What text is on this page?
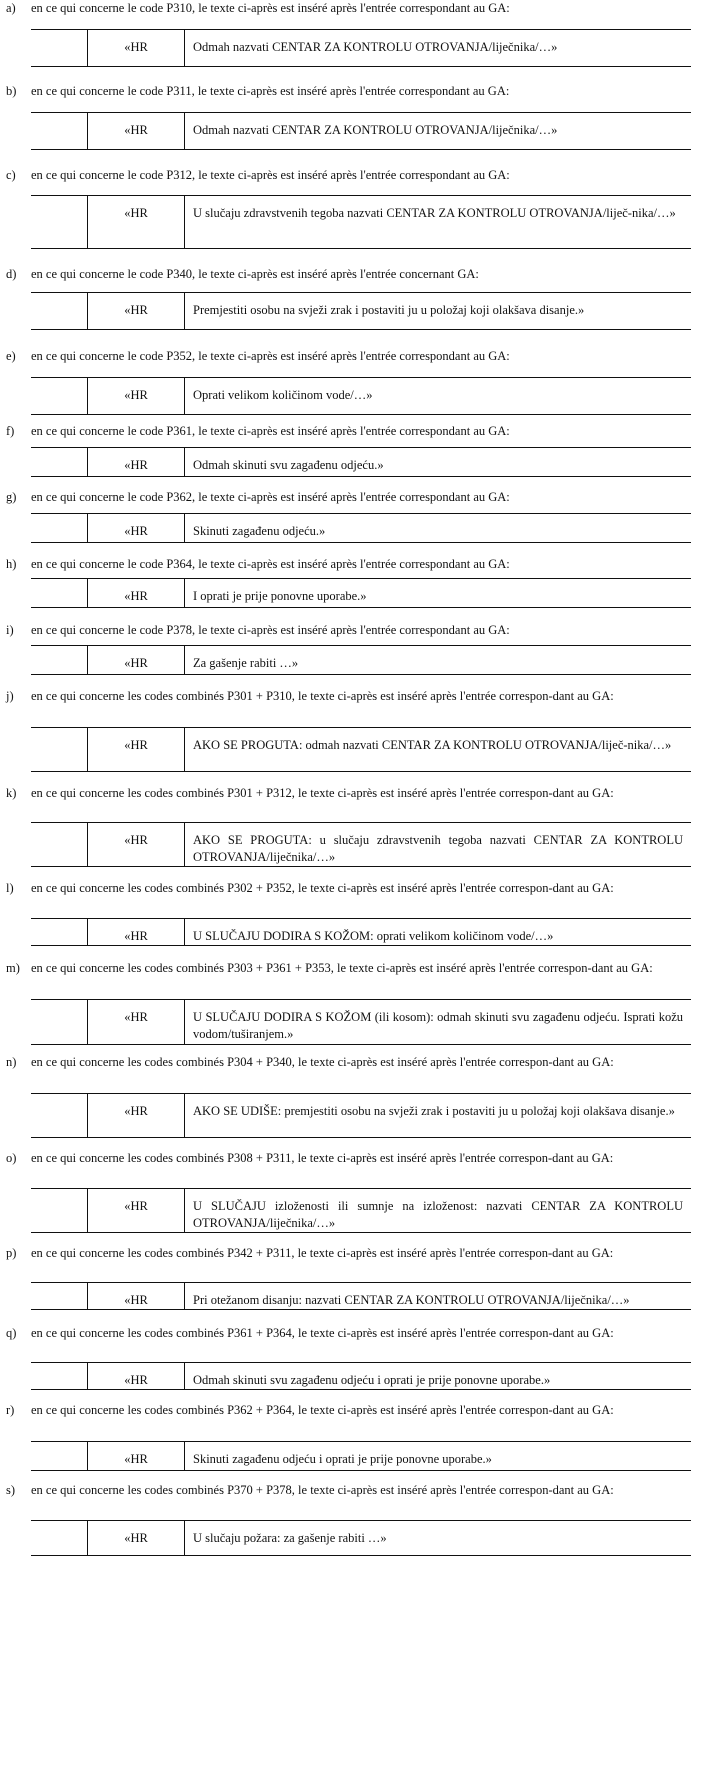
a) en ce qui concerne le code P310, le texte ci-après est inséré après l'entrée correspondant au GA:
	«HR	Odmah nazvati CENTAR ZA KONTROLU OTROVANJA/liječnika/…»
b) en ce qui concerne le code P311, le texte ci-après est inséré après l'entrée correspondant au GA:
	«HR	Odmah nazvati CENTAR ZA KONTROLU OTROVANJA/liječnika/…»
c) en ce qui concerne le code P312, le texte ci-après est inséré après l'entrée correspondant au GA:
	«HR	U slučaju zdravstvenih tegoba nazvati CENTAR ZA KONTROLU OTROVANJA/liječ-nika/…»
d) en ce qui concerne le code P340, le texte ci-après est inséré après l'entrée concernant GA:
	«HR	Premjestiti osobu na svježi zrak i postaviti ju u položaj koji olakšava disanje.»
e) en ce qui concerne le code P352, le texte ci-après est inséré après l'entrée correspondant au GA:
	«HR	Oprati velikom količinom vode/…»
f) en ce qui concerne le code P361, le texte ci-après est inséré après l'entrée correspondant au GA:
	«HR	Odmah skinuti svu zagađenu odjeću.»
g) en ce qui concerne le code P362, le texte ci-après est inséré après l'entrée correspondant au GA:
	«HR	Skinuti zagađenu odjeću.»
h) en ce qui concerne le code P364, le texte ci-après est inséré après l'entrée correspondant au GA:
	«HR	I oprati je prije ponovne uporabe.»
i) en ce qui concerne le code P378, le texte ci-après est inséré après l'entrée correspondant au GA:
	«HR	Za gašenje rabiti …»
j) en ce qui concerne les codes combinés P301 + P310, le texte ci-après est inséré après l'entrée correspon-dant au GA:
	«HR	AKO SE PROGUTA: odmah nazvati CENTAR ZA KONTROLU OTROVANJA/liječ-nika/…»
k) en ce qui concerne les codes combinés P301 + P312, le texte ci-après est inséré après l'entrée correspon-dant au GA:
	«HR	AKO SE PROGUTA: u slučaju zdravstvenih tegoba nazvati CENTAR ZA KONTROLU OTROVANJA/liječnika/…»
l) en ce qui concerne les codes combinés P302 + P352, le texte ci-après est inséré après l'entrée correspon-dant au GA:
	«HR	U SLUČAJU DODIRA S KOŽOM: oprati velikom količinom vode/…»
m) en ce qui concerne les codes combinés P303 + P361 + P353, le texte ci-après est inséré après l'entrée correspon-dant au GA:
	«HR	U SLUČAJU DODIRA S KOŽOM (ili kosom): odmah skinuti svu zagađenu odjeću. Isprati kožu vodom/tuširanjem.»
n) en ce qui concerne les codes combinés P304 + P340, le texte ci-après est inséré après l'entrée correspon-dant au GA:
	«HR	AKO SE UDIŠE: premjestiti osobu na svježi zrak i postaviti ju u položaj koji olakšava disanje.»
o) en ce qui concerne les codes combinés P308 + P311, le texte ci-après est inséré après l'entrée correspon-dant au GA:
	«HR	U SLUČAJU izloženosti ili sumnje na izloženost: nazvati CENTAR ZA KONTROLU OTROVANJA/liječnika/…»
p) en ce qui concerne les codes combinés P342 + P311, le texte ci-après est inséré après l'entrée correspon-dant au GA:
	«HR	Pri otežanom disanju: nazvati CENTAR ZA KONTROLU OTROVANJA/liječnika/…»
q) en ce qui concerne les codes combinés P361 + P364, le texte ci-après est inséré après l'entrée correspon-dant au GA:
	«HR	Odmah skinuti svu zagađenu odjeću i oprati je prije ponovne uporabe.»
r) en ce qui concerne les codes combinés P362 + P364, le texte ci-après est inséré après l'entrée correspon-dant au GA:
	«HR	Skinuti zagađenu odjeću i oprati je prije ponovne uporabe.»
s) en ce qui concerne les codes combinés P370 + P378, le texte ci-après est inséré après l'entrée correspon-dant au GA:
	«HR	U slučaju požara: za gašenje rabiti …»
